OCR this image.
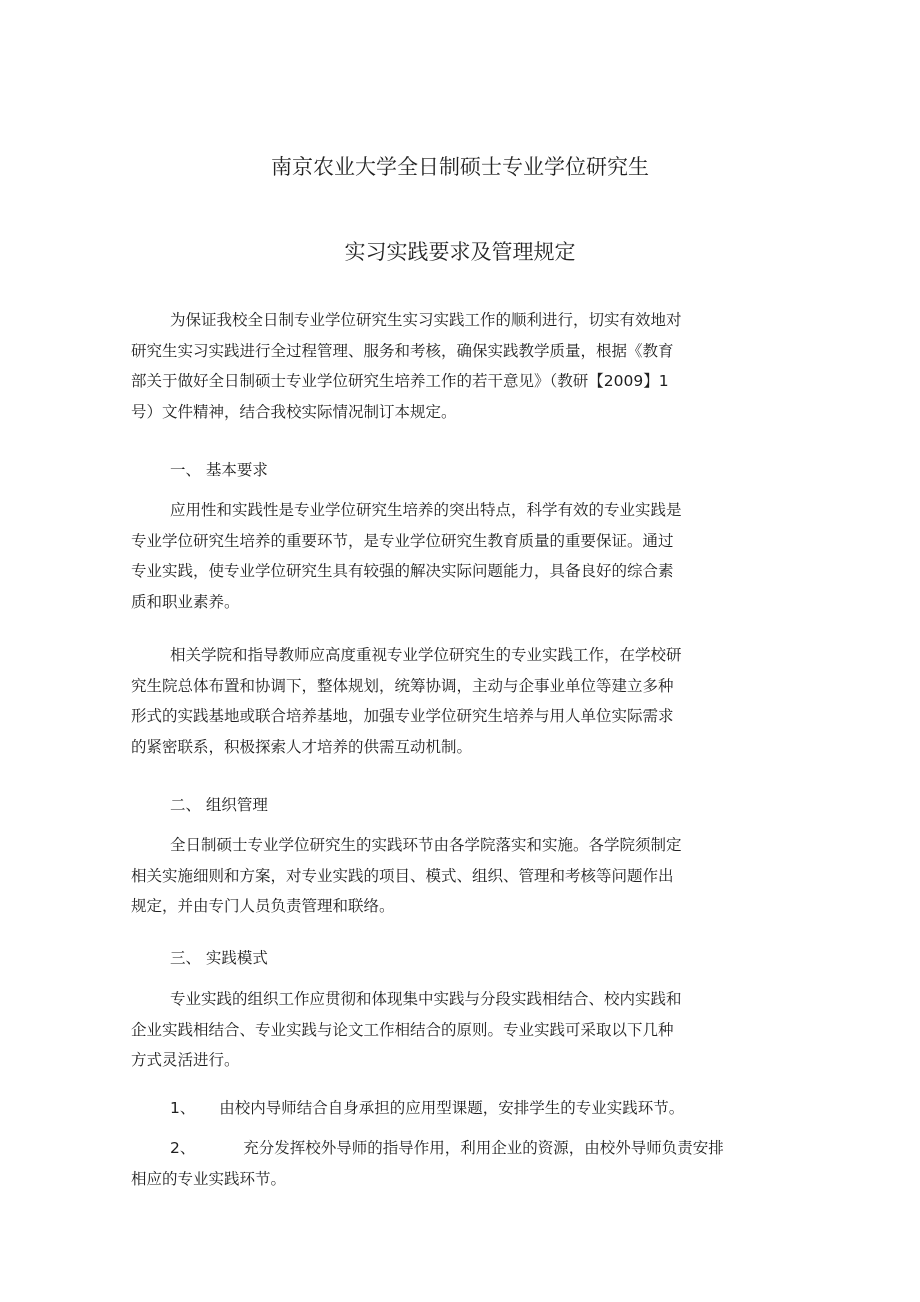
南京农业大学全日制硕士专业学位研究生
实习实践要求及管理规定

为保证我校全日制专业学位研究生实习实践工作的顺利进行，切实有效地对

研究生实习实践进行全过程管理、服务和考核，确保实践教学质量，根据《教育

部关于做好全日制硕士专业学位研究生培养工作的若干意见》（教研【2009】1

号）文件精神，结合我校实际情况制订本规定。

一、 基本要求

应用性和实践性是专业学位研究生培养的突出特点，科学有效的专业实践是

专业学位研究生培养的重要环节，是专业学位研究生教育质量的重要保证。通过

专业实践，使专业学位研究生具有较强的解决实际问题能力，具备良好的综合素

质和职业素养。

相关学院和指导教师应高度重视专业学位研究生的专业实践工作，在学校研

究生院总体布置和协调下，整体规划，统筹协调，主动与企事业单位等建立多种

形式的实践基地或联合培养基地，加强专业学位研究生培养与用人单位实际需求

的紧密联系，积极探索人才培养的供需互动机制。

二、 组织管理

全日制硕士专业学位研究生的实践环节由各学院落实和实施。各学院须制定

相关实施细则和方案，对专业实践的项目、模式、组织、管理和考核等问题作出

规定，并由专门人员负责管理和联络。

三、 实践模式

专业实践的组织工作应贯彻和体现集中实践与分段实践相结合、校内实践和

企业实践相结合、专业实践与论文工作相结合的原则。专业实践可采取以下几种

方式灵活进行。

1、 由校内导师结合自身承担的应用型课题，安排学生的专业实践环节。

2、	充分发挥校外导师的指导作用，利用企业的资源，由校外导师负责安排

相应的专业实践环节。
